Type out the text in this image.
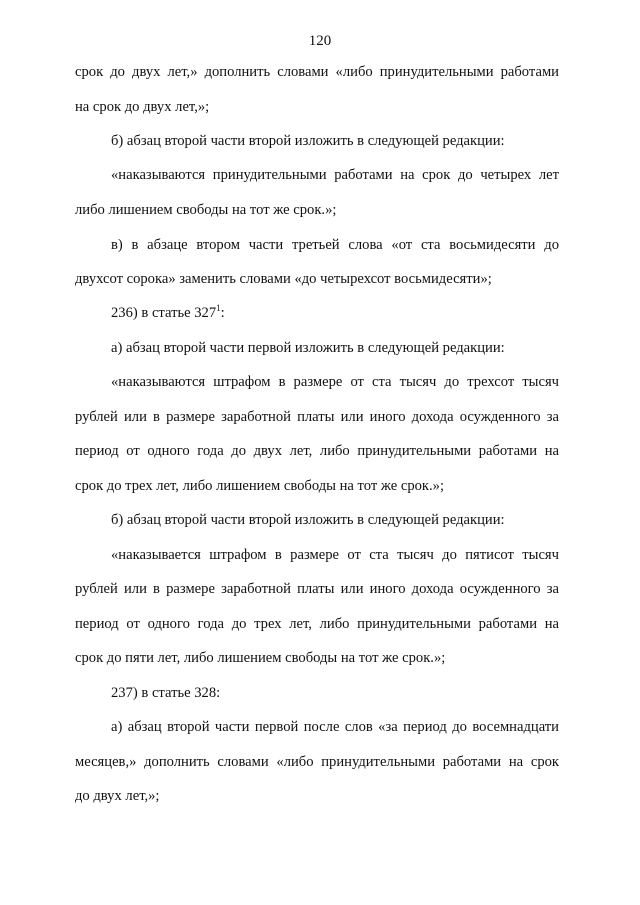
120
срок до двух лет,» дополнить словами «либо принудительными работами
на срок до двух лет,»;
б) абзац второй части второй изложить в следующей редакции:
«наказываются принудительными работами на срок до четырех лет
либо лишением свободы на тот же срок.»;
в) в абзаце втором части третьей слова «от ста восьмидесяти до
двухсот сорока» заменить словами «до четырехсот восьмидесяти»;
236) в статье $327^1$:
а) абзац второй части первой изложить в следующей редакции:
«наказываются штрафом в размере от ста тысяч до трехсот тысяч
рублей или в размере заработной платы или иного дохода осужденного за
период от одного года до двух лет, либо принудительными работами на
срок до трех лет, либо лишением свободы на тот же срок.»;
б) абзац второй части второй изложить в следующей редакции:
«наказывается штрафом в размере от ста тысяч до пятисот тысяч
рублей или в размере заработной платы или иного дохода осужденного за
период от одного года до трех лет, либо принудительными работами на
срок до пяти лет, либо лишением свободы на тот же срок.»;
237) в статье 328:
а) абзац второй части первой после слов «за период до восемнадцати
месяцев,» дополнить словами «либо принудительными работами на срок
до двух лет,»;
